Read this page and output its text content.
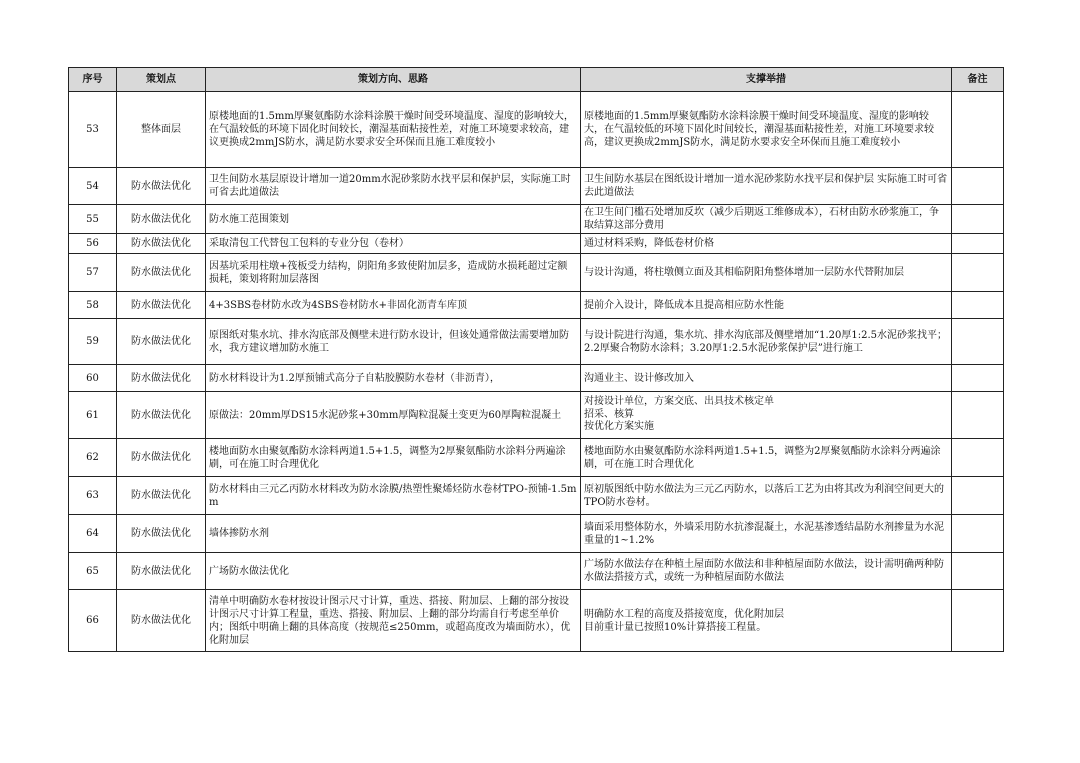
序号	策划点	策划方向、思路	支撑举措	备注
53	整体面层	原楼地面的1.5mm厚聚氨酯防水涂料涂膜干燥时间受环境温度、湿度的影响较大，在气温较低的环境下固化时间较长，潮湿基面粘接性差，对施工环境要求较高，建议更换成2mmJS防水，满足防水要求安全环保而且施工难度较小	原楼地面的1.5mm厚聚氨酯防水涂料涂膜干燥时间受环境温度、湿度的影响较大，在气温较低的环境下固化时间较长，潮湿基面粘接性差，对施工环境要求较高，建议更换成2mmJS防水，满足防水要求安全环保而且施工难度较小	
54	防水做法优化	卫生间防水基层原设计增加一道20mm水泥砂浆防水找平层和保护层，实际施工时可省去此道做法	卫生间防水基层在图纸设计增加一道水泥砂浆防水找平层和保护层 实际施工时可省去此道做法	
55	防水做法优化	防水施工范围策划	在卫生间门槛石处增加反坎（减少后期返工维修成本），石材由防水砂浆施工，争取结算这部分费用	
56	防水做法优化	采取清包工代替包工包料的专业分包（卷材）	通过材料采购，降低卷材价格	
57	防水做法优化	因基坑采用柱墩+筏板受力结构，阴阳角多致使附加层多，造成防水损耗超过定额损耗，策划将附加层落图	与设计沟通，将柱墩侧立面及其相临阴阳角整体增加一层防水代替附加层	
58	防水做法优化	4+3SBS卷材防水改为4SBS卷材防水+非固化沥青车库顶	提前介入设计，降低成本且提高相应防水性能	
59	防水做法优化	原图纸对集水坑、排水沟底部及侧壁未进行防水设计，但该处通常做法需要增加防水，我方建议增加防水施工	与设计院进行沟通，集水坑、排水沟底部及侧壁增加“1.20厚1:2.5水泥砂浆找平；2.2厚聚合物防水涂料；3.20厚1:2.5水泥砂浆保护层”进行施工	
60	防水做法优化	防水材料设计为1.2厚预铺式高分子自粘胶膜防水卷材（非沥青），	沟通业主、设计修改加入	
61	防水做法优化	原做法：20mm厚DS15水泥砂浆+30mm厚陶粒混凝土变更为60厚陶粒混凝土	对接设计单位，方案交底、出具技术核定单
招采、核算
按优化方案实施	
62	防水做法优化	楼地面防水由聚氨酯防水涂料两道1.5+1.5，调整为2厚聚氨酯防水涂料分两遍涂刷，可在施工时合理优化	楼地面防水由聚氨酯防水涂料两道1.5+1.5，调整为2厚聚氨酯防水涂料分两遍涂刷，可在施工时合理优化	
63	防水做法优化	防水材料由三元乙丙防水材料改为防水涂膜/热塑性聚烯烃防水卷材TPO-预铺-1.5mm	原初版图纸中防水做法为三元乙丙防水，以落后工艺为由将其改为利润空间更大的TPO防水卷材。	
64	防水做法优化	墙体掺防水剂	墙面采用整体防水，外墙采用防水抗渗混凝土，水泥基渗透结晶防水剂掺量为水泥重量的1~1.2%	
65	防水做法优化	广场防水做法优化	广场防水做法存在种植土屋面防水做法和非种植屋面防水做法，设计需明确两种防水做法搭接方式，或统一为种植屋面防水做法	
66	防水做法优化	清单中明确防水卷材按设计图示尺寸计算，重迭、搭接、附加层、上翻的部分按设计图示尺寸计算工程量，重迭、搭接、附加层、上翻的部分均需自行考虑至单价内；图纸中明确上翻的具体高度（按规范≤250mm，或超高度改为墙面防水），优化附加层	明确防水工程的高度及搭接宽度，优化附加层
目前重计量已按照10%计算搭接工程量。	
